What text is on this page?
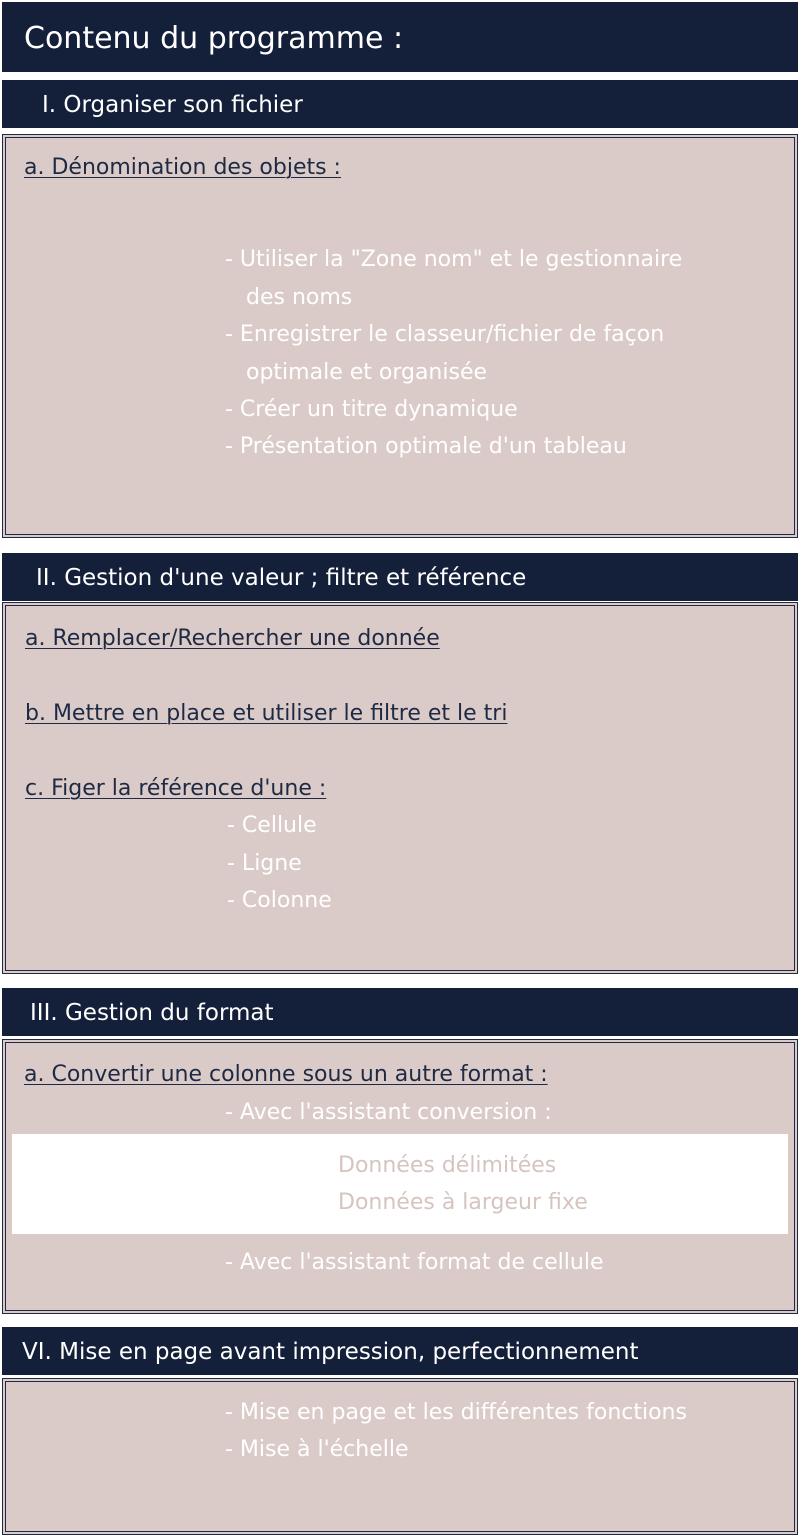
Contenu du programme :
I. Organiser son fichier
a. Dénomination des objets :
- Utiliser la "Zone nom" et le gestionnaire
des noms
- Enregistrer le classeur/fichier de façon
optimale et organisée
- Créer un titre dynamique
- Présentation optimale d'un tableau
II. Gestion d'une valeur ; filtre et référence
a. Remplacer/Rechercher une donnée
b. Mettre en place et utiliser le filtre et le tri
c. Figer la référence d'une :
- Cellule
- Ligne
- Colonne
III. Gestion du format
a. Convertir une colonne sous un autre format :
- Avec l'assistant conversion :
Données délimitées
Données à largeur fixe
- Avec l'assistant format de cellule
VI. Mise en page avant impression, perfectionnement
- Mise en page et les différentes fonctions
- Mise à l'échelle
